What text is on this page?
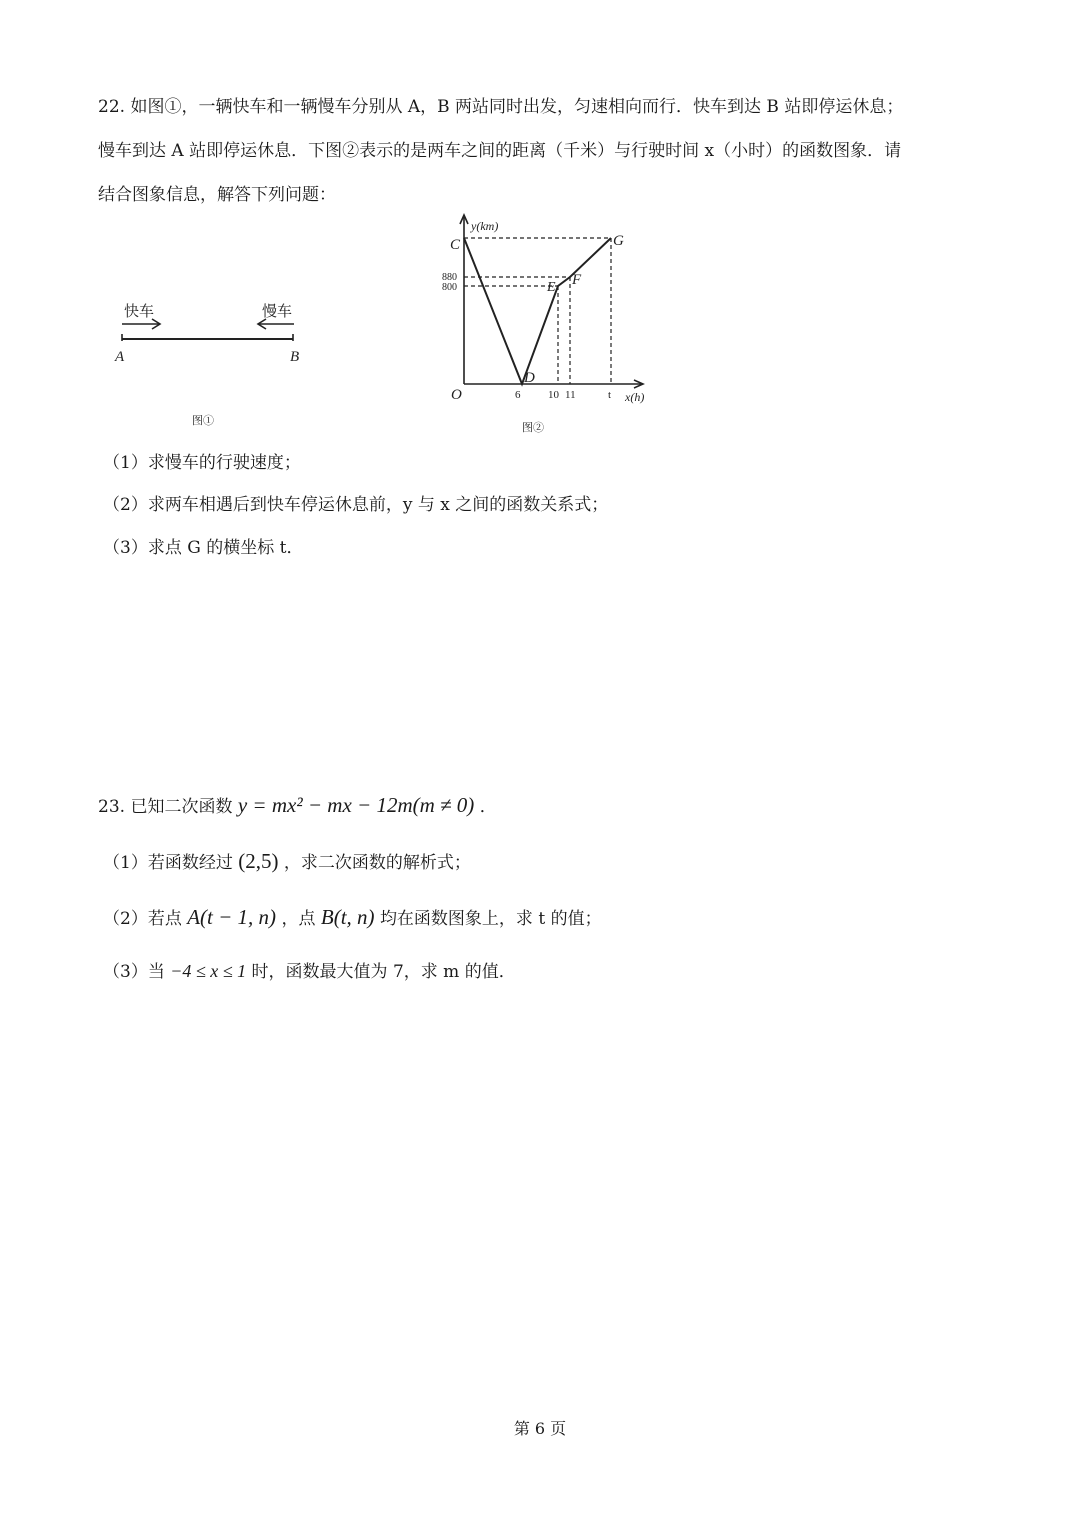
22. 如图①，一辆快车和一辆慢车分别从 A，B 两站同时出发，匀速相向而行．快车到达 B 站即停运休息；
慢车到达 A 站即停运休息．下图②表示的是两车之间的距离（千米）与行驶时间 x（小时）的函数图象．请
结合图象信息，解答下列问题：
快车	慢车
A	B
图①
y(km)
x(h)
O
880
800
6	10 11	t
C
D
E F
G
图②
（1）求慢车的行驶速度；
（2）求两车相遇后到快车停运休息前，y 与 x 之间的函数关系式；
（3）求点 G 的横坐标 t．
23. 已知二次函数 y = mx² − mx − 12m(m ≠ 0) ．
（1）若函数经过 (2,5) ，求二次函数的解析式；
（2）若点 A(t − 1, n) ，点 B(t, n) 均在函数图象上，求 t 的值；
（3）当 −4 ≤ x ≤ 1 时，函数最大值为 7，求 m 的值．
第 6 页
